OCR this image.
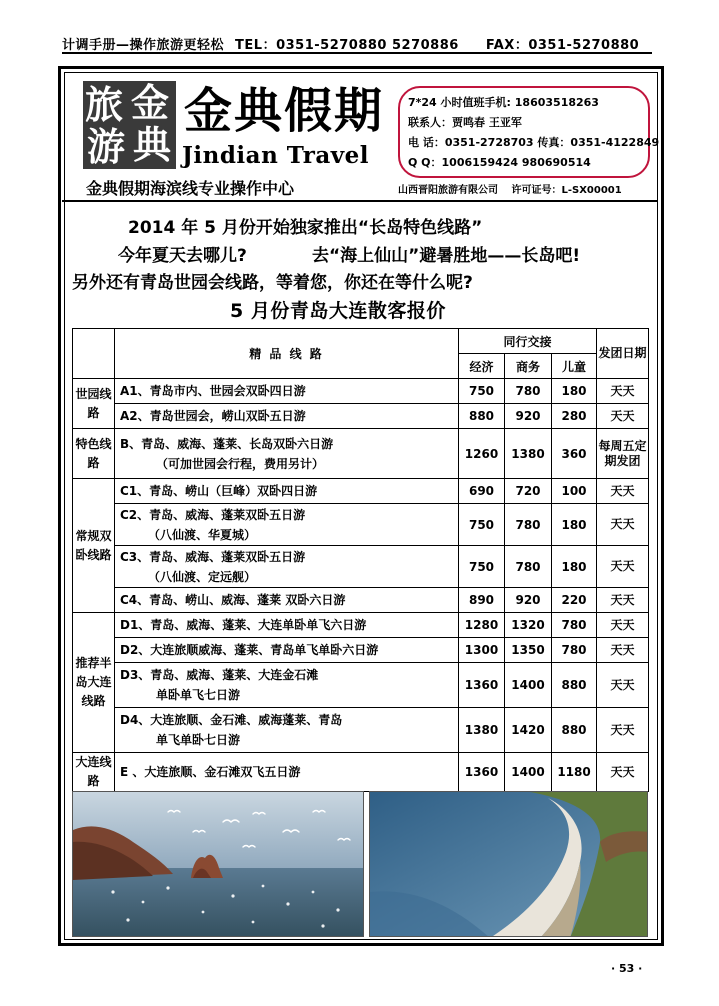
计调手册—操作旅游更轻松 TEL：0351-5270880 5270886 FAX：0351-5270880
旅 金
游 典
金典假期
Jindian Travel
金典假期海滨线专业操作中心
7*24 小时值班手机: 18603518263
联系人：贾鸣春 王亚军
电 话：0351-2728703 传真：0351-4122849
Q Q：1006159424 980690514
山西晋阳旅游有限公司 许可证号：L-SX00001
2014 年 5 月份开始独家推出“长岛特色线路”
今年夏天去哪儿?	去“海上仙山”避暑胜地——长岛吧!
另外还有青岛世园会线路，等着您，你还在等什么呢?
5 月份青岛大连散客报价
	精 品 线 路	同行交接			发团日期
		经济	商务	儿童	
世园线路	A1、青岛市内、世园会双卧四日游	750	780	180	天天
	A2、青岛世园会，崂山双卧五日游	880	920	280	天天
特色线路	B、青岛、威海、蓬莱、长岛双卧六日游
（可加世园会行程，费用另计）	1260	1380	360	每周五定期发团
常规双卧线路	C1、青岛、崂山（巨峰）双卧四日游	690	720	100	天天

	C2、青岛、威海、蓬莱双卧五日游
（八仙渡、华夏城）	750	780	180	天天

	C3、青岛、威海、蓬莱双卧五日游
（八仙渡、定远舰）	750	780	180	天天
	C4、青岛、崂山、威海、蓬莱 双卧六日游	890	920	220	天天
推荐半岛大连线路	D1、青岛、威海、蓬莱、大连单卧单飞六日游	1280	1320	780	天天
	D2、大连旅顺威海、蓬莱、青岛单飞单卧六日游	1300	1350	780	天天

	D3、青岛、威海、蓬莱、大连金石滩
单卧单飞七日游	1360	1400	880	天天

	D4、大连旅顺、金石滩、威海蓬莱、青岛
单飞单卧七日游	1380	1420	880	天天
大连线路	E 、大连旅顺、金石滩双飞五日游	1360	1400	1180	天天
· 53 ·
